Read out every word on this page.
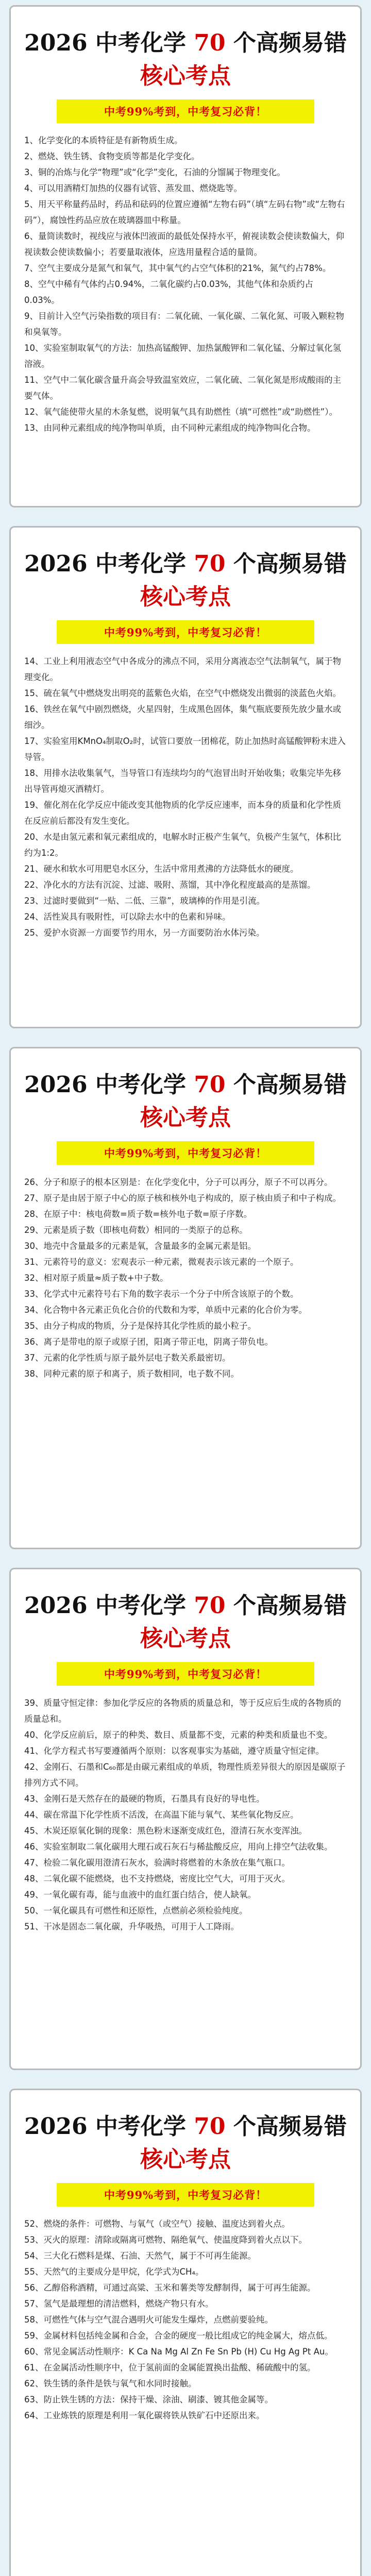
2026 中考化学 70 个高频易错核心考点
中考99%考到，中考复习必背！

1、化学变化的本质特征是有新物质生成。

2、燃烧、铁生锈、食物变质等都是化学变化。

3、铜的冶炼与化学“物理”或“化学”变化，石油的分馏属于物理变化。

4、可以用酒精灯加热的仪器有试管、蒸发皿、燃烧匙等。

5、用天平称量药品时，药品和砝码的位置应遵循“左物右码”（填“左码右物”或“左物右码”），腐蚀性药品应放在玻璃器皿中称量。

6、量筒读数时，视线应与液体凹液面的最低处保持水平，俯视读数会使读数偏大，仰视读数会使读数偏小；若要量取液体，应选用量程合适的量筒。

7、空气主要成分是氮气和氧气，其中氧气约占空气体积的21%，氮气约占78%。

8、空气中稀有气体约占0.94%，二氧化碳约占0.03%，其他气体和杂质约占0.03%。

9、目前计入空气污染指数的项目有：二氧化硫、一氧化碳、二氧化氮、可吸入颗粒物和臭氧等。

10、实验室制取氧气的方法：加热高锰酸钾、加热氯酸钾和二氧化锰、分解过氧化氢溶液。

11、空气中二氧化碳含量升高会导致温室效应，二氧化硫、二氧化氮是形成酸雨的主要气体。

12、氧气能使带火星的木条复燃，说明氧气具有助燃性（填“可燃性”或“助燃性”）。

13、由同种元素组成的纯净物叫单质，由不同种元素组成的纯净物叫化合物。

2026 中考化学 70 个高频易错核心考点
中考99%考到，中考复习必背！

14、工业上利用液态空气中各成分的沸点不同，采用分离液态空气法制氧气，属于物理变化。

15、硫在氧气中燃烧发出明亮的蓝紫色火焰，在空气中燃烧发出微弱的淡蓝色火焰。

16、铁丝在氧气中剧烈燃烧，火星四射，生成黑色固体，集气瓶底要预先放少量水或细沙。

17、实验室用KMnO₄制取O₂时，试管口要放一团棉花，防止加热时高锰酸钾粉末进入导管。

18、用排水法收集氧气，当导管口有连续均匀的气泡冒出时开始收集；收集完毕先移出导管再熄灭酒精灯。

19、催化剂在化学反应中能改变其他物质的化学反应速率，而本身的质量和化学性质在反应前后都没有发生变化。

20、水是由氢元素和氧元素组成的，电解水时正极产生氧气，负极产生氢气，体积比约为1:2。

21、硬水和软水可用肥皂水区分，生活中常用煮沸的方法降低水的硬度。

22、净化水的方法有沉淀、过滤、吸附、蒸馏，其中净化程度最高的是蒸馏。

23、过滤时要做到“一贴、二低、三靠”，玻璃棒的作用是引流。

24、活性炭具有吸附性，可以除去水中的色素和异味。

25、爱护水资源一方面要节约用水，另一方面要防治水体污染。

2026 中考化学 70 个高频易错核心考点
中考99%考到，中考复习必背！

26、分子和原子的根本区别是：在化学变化中，分子可以再分，原子不可以再分。

27、原子是由居于原子中心的原子核和核外电子构成的，原子核由质子和中子构成。

28、在原子中：核电荷数=质子数=核外电子数=原子序数。

29、元素是质子数（即核电荷数）相同的一类原子的总称。

30、地壳中含量最多的元素是氧，含量最多的金属元素是铝。

31、元素符号的意义：宏观表示一种元素，微观表示该元素的一个原子。

32、相对原子质量≈质子数+中子数。

33、化学式中元素符号右下角的数字表示一个分子中所含该原子的个数。

34、化合物中各元素正负化合价的代数和为零，单质中元素的化合价为零。

35、由分子构成的物质，分子是保持其化学性质的最小粒子。

36、离子是带电的原子或原子团，阳离子带正电，阴离子带负电。

37、元素的化学性质与原子最外层电子数关系最密切。

38、同种元素的原子和离子，质子数相同，电子数不同。

2026 中考化学 70 个高频易错核心考点
中考99%考到，中考复习必背！

39、质量守恒定律：参加化学反应的各物质的质量总和，等于反应后生成的各物质的质量总和。

40、化学反应前后，原子的种类、数目、质量都不变，元素的种类和质量也不变。

41、化学方程式书写要遵循两个原则：以客观事实为基础，遵守质量守恒定律。

42、金刚石、石墨和C₆₀都是由碳元素组成的单质，物理性质差异很大的原因是碳原子排列方式不同。

43、金刚石是天然存在的最硬的物质，石墨具有良好的导电性。

44、碳在常温下化学性质不活泼，在高温下能与氧气、某些氧化物反应。

45、木炭还原氧化铜的现象：黑色粉末逐渐变成红色，澄清石灰水变浑浊。

46、实验室制取二氧化碳用大理石或石灰石与稀盐酸反应，用向上排空气法收集。

47、检验二氧化碳用澄清石灰水，验满时将燃着的木条放在集气瓶口。

48、二氧化碳不能燃烧，也不支持燃烧，密度比空气大，可用于灭火。

49、一氧化碳有毒，能与血液中的血红蛋白结合，使人缺氧。

50、一氧化碳具有可燃性和还原性，点燃前必须检验纯度。

51、干冰是固态二氧化碳，升华吸热，可用于人工降雨。

2026 中考化学 70 个高频易错核心考点
中考99%考到，中考复习必背！

52、燃烧的条件：可燃物、与氧气（或空气）接触、温度达到着火点。

53、灭火的原理：清除或隔离可燃物、隔绝氧气、使温度降到着火点以下。

54、三大化石燃料是煤、石油、天然气，属于不可再生能源。

55、天然气的主要成分是甲烷，化学式为CH₄。

56、乙醇俗称酒精，可通过高粱、玉米和薯类等发酵制得，属于可再生能源。

57、氢气是最理想的清洁燃料，燃烧产物只有水。

58、可燃性气体与空气混合遇明火可能发生爆炸，点燃前要验纯。

59、金属材料包括纯金属和合金，合金的硬度一般比组成它的纯金属大，熔点低。

60、常见金属活动性顺序：K Ca Na Mg Al Zn Fe Sn Pb (H) Cu Hg Ag Pt Au。

61、在金属活动性顺序中，位于氢前面的金属能置换出盐酸、稀硫酸中的氢。

62、铁生锈的条件是铁与氧气和水同时接触。

63、防止铁生锈的方法：保持干燥、涂油、刷漆、镀其他金属等。

64、工业炼铁的原理是利用一氧化碳将铁从铁矿石中还原出来。
